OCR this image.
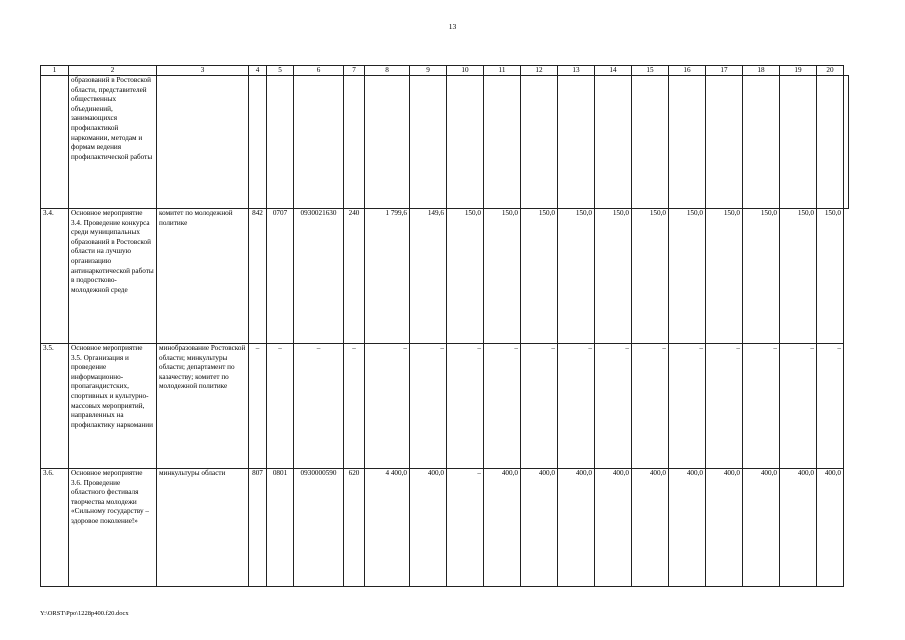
13
1	2	3	4	5	6	7	8	9	10	11	12	13	14	15	16	17	18	19	20	
	образований в Ростовской области, представителей общественных объединений, занимающихся профилактикой наркомании, методам и формам ведения профилактической работы																			
3.4.	Основное мероприятие 3.4. Проведение конкурса среди муниципальных образований в Ростовской области на лучшую организацию антинаркотической работы в подростково-молодежной среде	комитет по молодежной политике	842	0707	0930021630	240	1 799,6	149,6	150,0	150,0	150,0	150,0	150,0	150,0	150,0	150,0	150,0	150,0	150,0	
3.5.	Основное мероприятие 3.5. Организация и проведение информационно-пропагандистских, спортивных и культурно-массовых мероприятий, направленных на профилактику наркомании	минобразование Ростовской области; минкультуры области; департамент по казачеству; комитет по молодежной политике	–	–	–	–	–	–	–	–	–	–	–	–	–	–	–	–	–	
3.6.	Основное мероприятие 3.6. Проведение областного фестиваля творчества молодежи «Сильному государству – здоровое поколение!»	минкультуры области	807	0801	0930000590	620	4 400,0	400,0	–	400,0	400,0	400,0	400,0	400,0	400,0	400,0	400,0	400,0	400,0	
Y:\ORST\Ppo\1228p400.f20.docx
